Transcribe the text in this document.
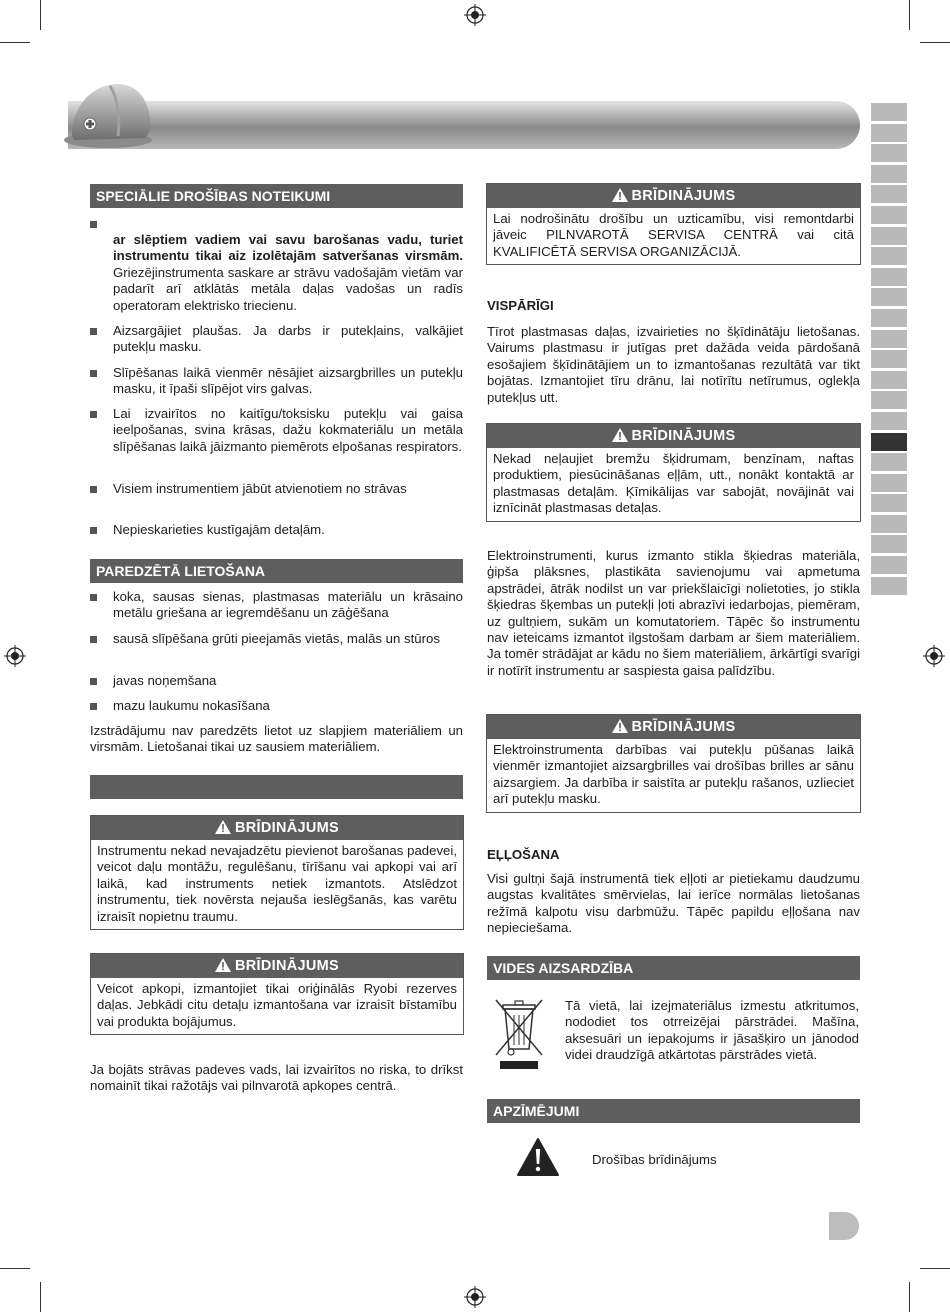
SPECIĀLIE DROŠĪBAS NOTEIKUMI
ar slēptiem vadiem vai savu barošanas vadu, turiet instrumentu tikai aiz izolētajām satveršanas virsmām. Griezējinstrumenta saskare ar strāvu vadošajām vietām var padarīt arī atklātās metāla daļas vadošas un radīs operatoram elektrisko triecienu.
Aizsargājiet plaušas. Ja darbs ir putekļains, valkājiet putekļu masku.
Slīpēšanas laikā vienmēr nēsājiet aizsargbrilles un putekļu masku, it īpaši slīpējot virs galvas.
Lai izvairītos no kaitīgu/toksisku putekļu vai gaisa ieelpošanas, svina krāsas, dažu kokmateriālu un metāla slīpēšanas laikā jāizmanto piemērots elpošanas respirators.
Visiem instrumentiem jābūt atvienotiem no strāvas
Nepieskarieties kustīgajām detaļām.
PAREDZĒTĀ LIETOŠANA
koka, sausas sienas, plastmasas materiālu un krāsaino metālu griešana ar iegremdēšanu un zāģēšana
sausā slīpēšana grūti pieejamās vietās, malās un stūros
javas noņemšana
mazu laukumu nokasīšana
Izstrādājumu nav paredzēts lietot uz slapjiem materiāliem un virsmām. Lietošanai tikai uz sausiem materiāliem.
BRĪDINĀJUMS
Instrumentu nekad nevajadzētu pievienot barošanas padevei, veicot daļu montāžu, regulēšanu, tīrīšanu vai apkopi vai arī laikā, kad instruments netiek izmantots. Atslēdzot instrumentu, tiek novērsta nejauša ieslēgšanās, kas varētu izraisīt nopietnu traumu.
BRĪDINĀJUMS
Veicot apkopi, izmantojiet tikai oriģinālās Ryobi rezerves daļas. Jebkādi citu detaļu izmantošana var izraisīt bīstamību vai produkta bojājumus.
Ja bojāts strāvas padeves vads, lai izvairītos no riska, to drīkst nomainīt tikai ražotājs vai pilnvarotā apkopes centrā.
BRĪDINĀJUMS
Lai nodrošinātu drošību un uzticamību, visi remontdarbi jāveic PILNVAROTĀ SERVISA CENTRĀ vai citā KVALIFICĒTĀ SERVISA ORGANIZĀCIJĀ.
VISPĀRĪGI
Tīrot plastmasas daļas, izvairieties no šķīdinātāju lietošanas. Vairums plastmasu ir jutīgas pret dažāda veida pārdošanā esošajiem šķīdinātājiem un to izmantošanas rezultātā var tikt bojātas. Izmantojiet tīru drānu, lai notīrītu netīrumus, oglekļa putekļus utt.
BRĪDINĀJUMS
Nekad neļaujiet bremžu šķidrumam, benzīnam, naftas produktiem, piesūcināšanas eļļām, utt., nonākt kontaktā ar plastmasas detaļām. Ķīmikālijas var sabojāt, novājināt vai iznīcināt plastmasas detaļas.
Elektroinstrumenti, kurus izmanto stikla šķiedras materiāla, ģipša plāksnes, plastikāta savienojumu vai apmetuma apstrādei, ātrāk nodilst un var priekšlaicīgi nolietoties, jo stikla šķiedras šķembas un putekļi ļoti abrazīvi iedarbojas, piemēram, uz gultņiem, sukām un komutatoriem. Tāpēc šo instrumentu nav ieteicams izmantot ilgstošam darbam ar šiem materiāliem. Ja tomēr strādājat ar kādu no šiem materiāliem, ārkārtīgi svarīgi ir notīrīt instrumentu ar saspiesta gaisa palīdzību.
BRĪDINĀJUMS
Elektroinstrumenta darbības vai putekļu pūšanas laikā vienmēr izmantojiet aizsargbrilles vai drošības brilles ar sānu aizsargiem. Ja darbība ir saistīta ar putekļu rašanos, uzlieciet arī putekļu masku.
EĻĻOŠANA
Visi gultņi šajā instrumentā tiek eļļoti ar pietiekamu daudzumu augstas kvalitātes smērvielas, lai ierīce normālas lietošanas režīmā kalpotu visu darbmūžu. Tāpēc papildu eļļošana nav nepieciešama.
VIDES AIZSARDZĪBA
Tā vietā, lai izejmateriālus izmestu atkritumos, nododiet tos otrreizējai pārstrādei. Mašīna, aksesuāri un iepakojums ir jāsašķiro un jānodod videi draudzīgā atkārtotas pārstrādes vietā.
APZĪMĒJUMI
Drošības brīdinājums
